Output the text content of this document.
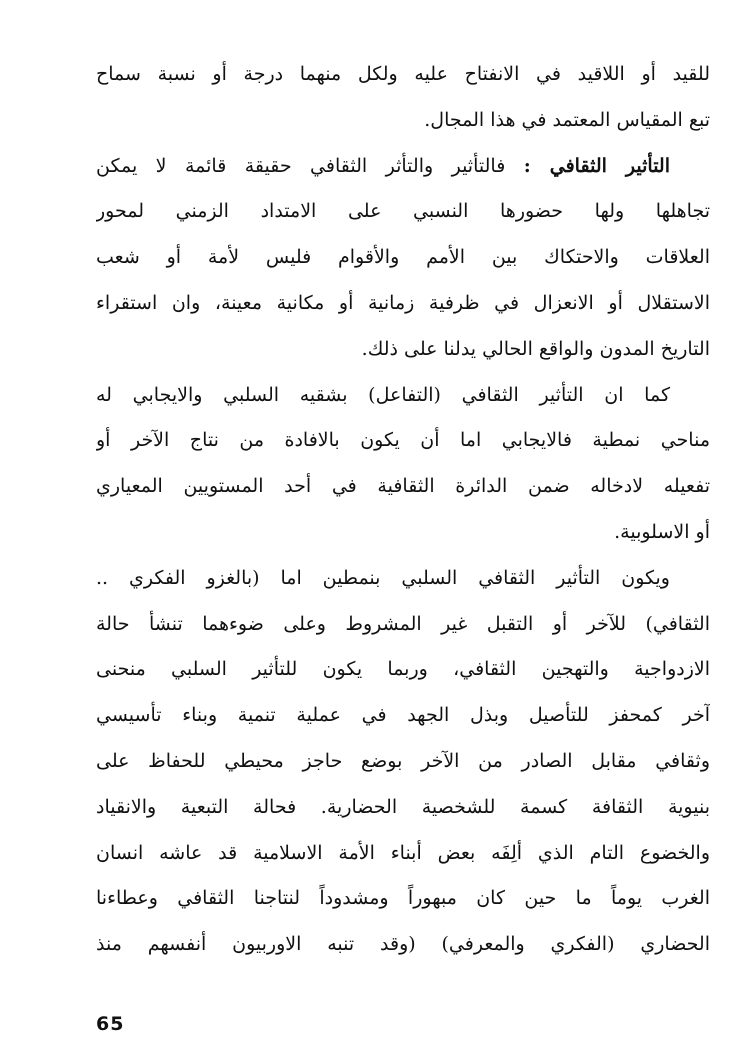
للقيد أو اللاقيد في الانفتاح عليه ولكل منهما درجة أو نسبة سماح
تبع المقياس المعتمد في هذا المجال.
التأثير الثقافي : فالتأثير والتأثر الثقافي حقيقة قائمة لا يمكن
تجاهلها ولها حضورها النسبي على الامتداد الزمني لمحور
العلاقات والاحتكاك بين الأمم والأقوام فليس لأمة أو شعب
الاستقلال أو الانعزال في ظرفية زمانية أو مكانية معينة، وان استقراء
التاريخ المدون والواقع الحالي يدلنا على ذلك.
كما ان التأثير الثقافي (التفاعل) بشقيه السلبي والايجابي له
مناحي نمطية فالايجابي اما أن يكون بالافادة من نتاج الآخر أو
تفعيله لادخاله ضمن الدائرة الثقافية في أحد المستويين المعياري
أو الاسلوبية.
ويكون التأثير الثقافي السلبي بنمطين اما (بالغزو الفكري ..
الثقافي) للآخر أو التقبل غير المشروط وعلى ضوءهما تنشأ حالة
الازدواجية والتهجين الثقافي، وربما يكون للتأثير السلبي منحنى
آخر كمحفز للتأصيل وبذل الجهد في عملية تنمية وبناء تأسيسي
وثقافي مقابل الصادر من الآخر بوضع حاجز محيطي للحفاظ على
بنيوية الثقافة كسمة للشخصية الحضارية. فحالة التبعية والانقياد
والخضوع التام الذي ألِفَه بعض أبناء الأمة الاسلامية قد عاشه انسان
الغرب يوماً ما حين كان مبهوراً ومشدوداً لنتاجنا الثقافي وعطاءنا
الحضاري (الفكري والمعرفي) (وقد تنبه الاوربيون أنفسهم منذ
65
